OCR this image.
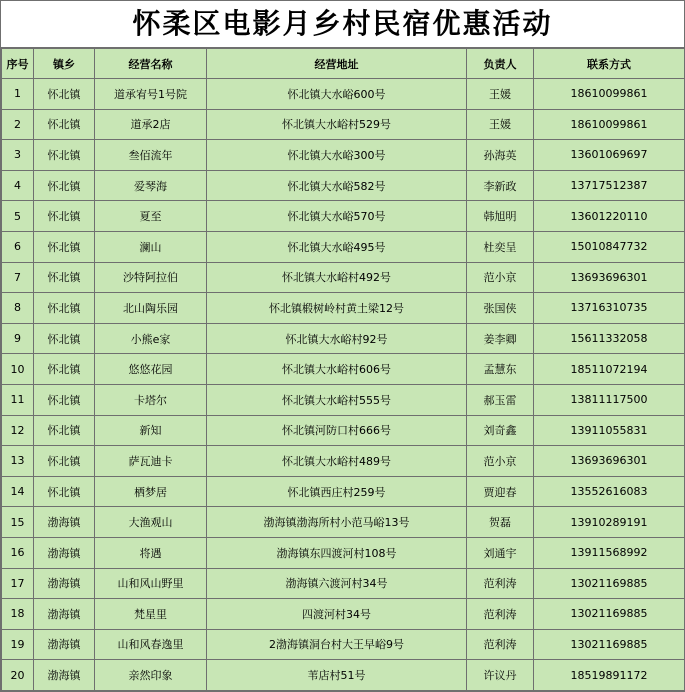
怀柔区电影月乡村民宿优惠活动
序号	镇乡	经营名称	经营地址	负责人	联系方式
1	怀北镇	道承宥号1号院	怀北镇大水峪600号	王媛	18610099861
2	怀北镇	道承2店	怀北镇大水峪村529号	王媛	18610099861
3	怀北镇	叁佰流年	怀北镇大水峪300号	孙海英	13601069697
4	怀北镇	爱琴海	怀北镇大水峪582号	李新政	13717512387
5	怀北镇	夏至	怀北镇大水峪570号	韩旭明	13601220110
6	怀北镇	澜山	怀北镇大水峪495号	杜奕呈	15010847732
7	怀北镇	沙特阿拉伯	怀北镇大水峪村492号	范小京	13693696301
8	怀北镇	北山陶乐园	怀北镇椴树岭村黄土梁12号	张国侠	13716310735
9	怀北镇	小熊e家	怀北镇大水峪村92号	姜李卿	15611332058
10	怀北镇	悠悠花园	怀北镇大水峪村606号	孟慧东	18511072194
11	怀北镇	卡塔尔	怀北镇大水峪村555号	郝玉雷	13811117500
12	怀北镇	新知	怀北镇河防口村666号	刘奇鑫	13911055831
13	怀北镇	萨瓦迪卡	怀北镇大水峪村489号	范小京	13693696301
14	怀北镇	栖梦居	怀北镇西庄村259号	贾迎春	13552616083
15	渤海镇	大渔观山	渤海镇渤海所村小范马峪13号	贺磊	13910289191
16	渤海镇	将遇	渤海镇东四渡河村108号	刘通宇	13911568992
17	渤海镇	山和风山野里	渤海镇六渡河村34号	范利涛	13021169885
18	渤海镇	梵星里	四渡河村34号	范利涛	13021169885
19	渤海镇	山和风春逸里	2渤海镇洞台村大王早峪9号	范利涛	13021169885
20	渤海镇	亲然印象	苇店村51号	许议丹	18519891172
